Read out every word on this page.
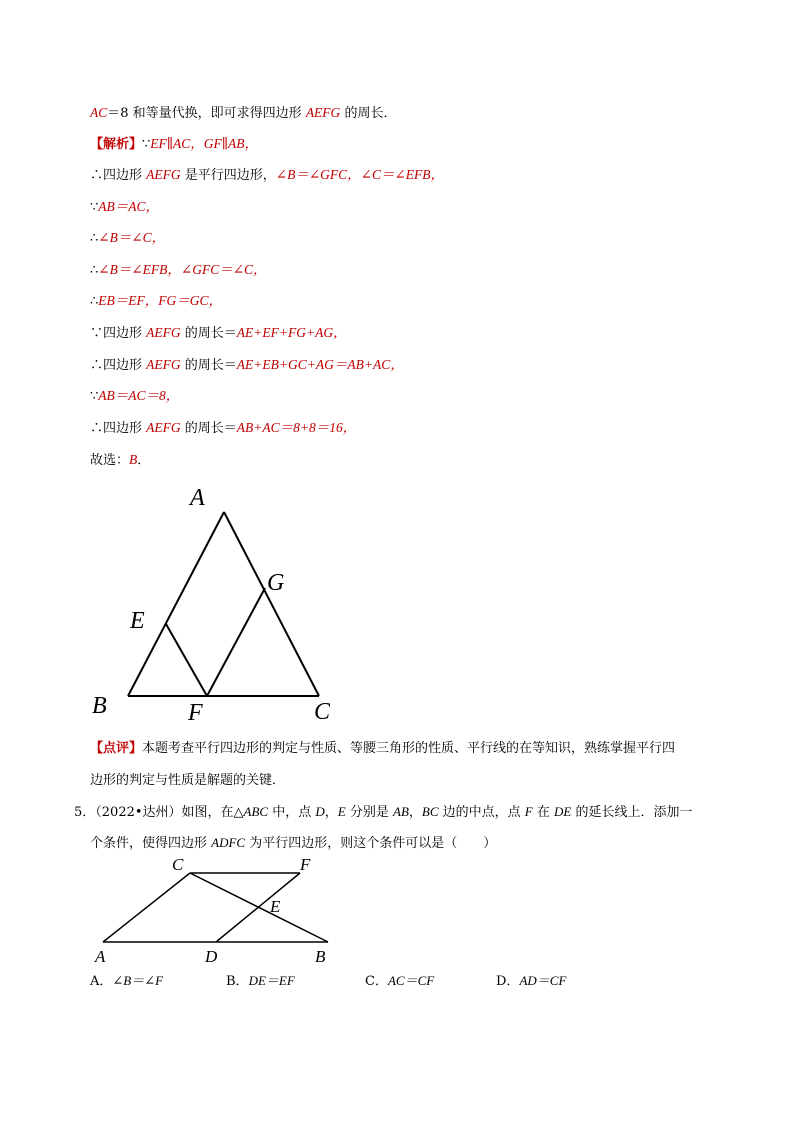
AC＝8 和等量代换，即可求得四边形 AEFG 的周长．
【解析】∵EF∥AC，GF∥AB，
∴四边形 AEFG 是平行四边形，∠B＝∠GFC，∠C＝∠EFB，
∵AB＝AC，
∴∠B＝∠C，
∴∠B＝∠EFB，∠GFC＝∠C，
∴EB＝EF，FG＝GC，
∵四边形 AEFG 的周长＝AE+EF+FG+AG，
∴四边形 AEFG 的周长＝AE+EB+GC+AG＝AB+AC，
∵AB＝AC＝8，
∴四边形 AEFG 的周长＝AB+AC＝8+8＝16，
故选：B．
A
B	C
E
F
G
【点评】本题考查平行四边形的判定与性质、等腰三角形的性质、平行线的在等知识，熟练掌握平行四
边形的判定与性质是解题的关键．
5．（2022•达州）如图，在△ABC 中，点 D，E 分别是 AB，BC 边的中点，点 F 在 DE 的延长线上．添加一
个条件，使得四边形 ADFC 为平行四边形，则这个条件可以是（　　）
C	F
E
A	D	B
A．∠B＝∠F	B．DE＝EF	C．AC＝CF	D．AD＝CF
